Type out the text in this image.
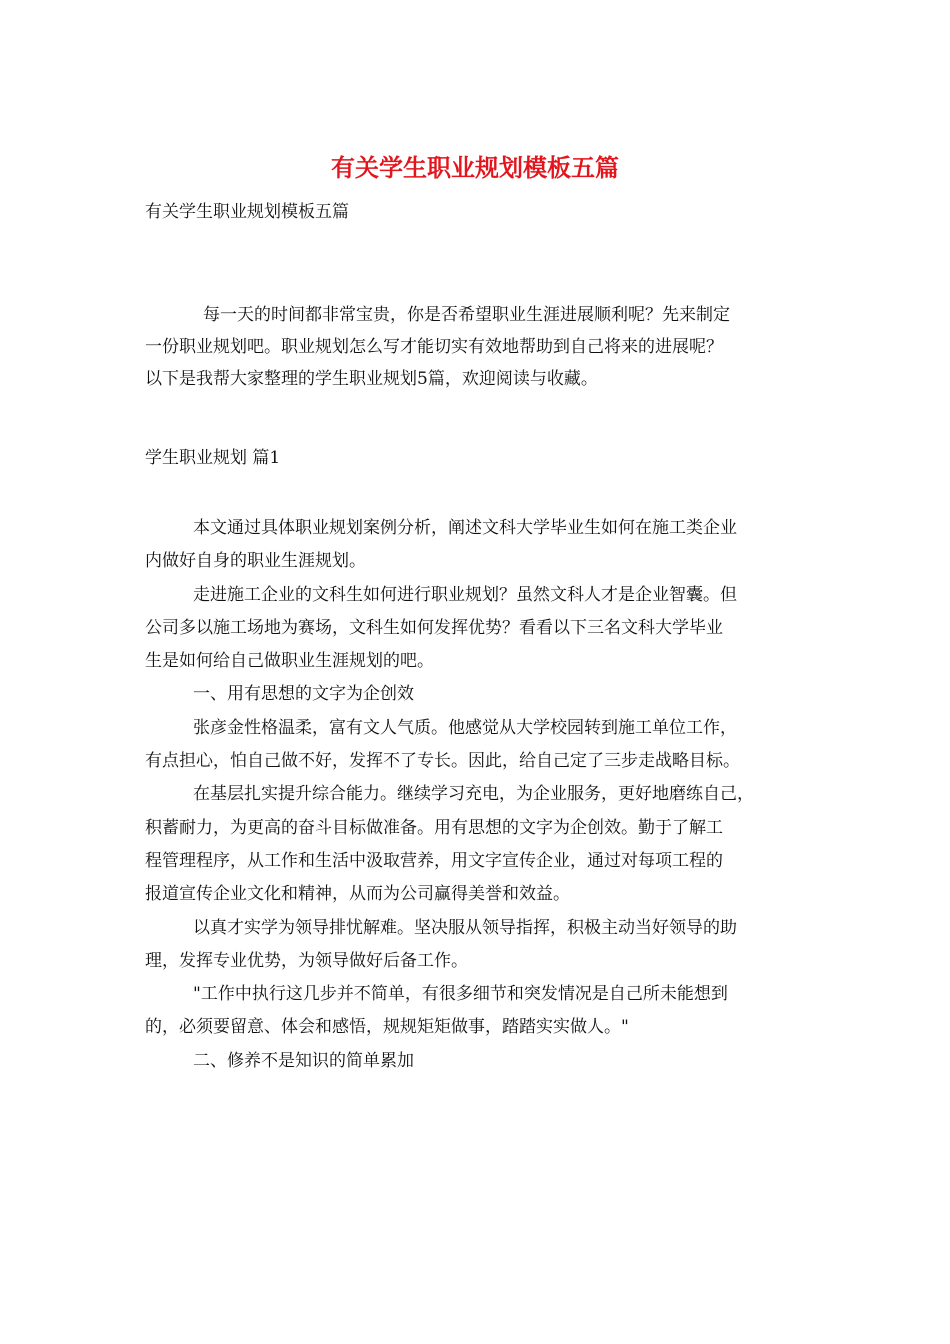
有关学生职业规划模板五篇
有关学生职业规划模板五篇
每一天的时间都非常宝贵，你是否希望职业生涯进展顺利呢？先来制定
一份职业规划吧。职业规划怎么写才能切实有效地帮助到自己将来的进展呢？
以下是我帮大家整理的学生职业规划5篇，欢迎阅读与收藏。
学生职业规划 篇1
本文通过具体职业规划案例分析，阐述文科大学毕业生如何在施工类企业
内做好自身的职业生涯规划。
走进施工企业的文科生如何进行职业规划？虽然文科人才是企业智囊。但
公司多以施工场地为赛场，文科生如何发挥优势？看看以下三名文科大学毕业
生是如何给自己做职业生涯规划的吧。
一、用有思想的文字为企创效
张彦金性格温柔，富有文人气质。他感觉从大学校园转到施工单位工作，
有点担心，怕自己做不好，发挥不了专长。因此，给自己定了三步走战略目标。
在基层扎实提升综合能力。继续学习充电，为企业服务，更好地磨练自己，
积蓄耐力，为更高的奋斗目标做准备。用有思想的文字为企创效。勤于了解工
程管理程序，从工作和生活中汲取营养，用文字宣传企业，通过对每项工程的
报道宣传企业文化和精神，从而为公司赢得美誉和效益。
以真才实学为领导排忧解难。坚决服从领导指挥，积极主动当好领导的助
理，发挥专业优势，为领导做好后备工作。
"工作中执行这几步并不简单，有很多细节和突发情况是自己所未能想到
的，必须要留意、体会和感悟，规规矩矩做事，踏踏实实做人。"
二、修养不是知识的简单累加
